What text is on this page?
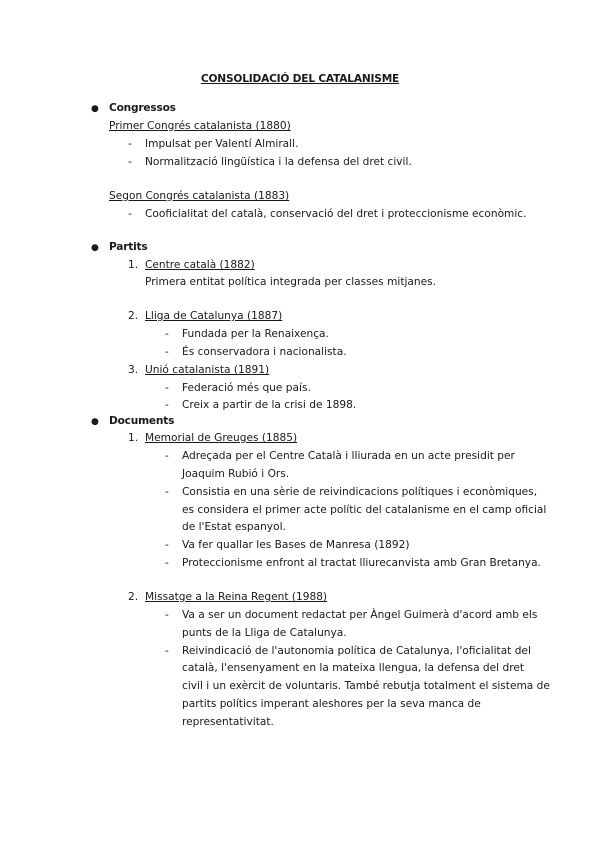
CONSOLIDACIÓ DEL CATALANISME
● Congressos
Primer Congrés catalanista (1880)
- Impulsat per Valentí Almirall.
- Normalització lingüística i la defensa del dret civil.
Segon Congrés catalanista (1883)
- Cooficialitat del català, conservació del dret i proteccionisme econòmic.
● Partits
1. Centre català (1882)
Primera entitat política integrada per classes mitjanes.
2. Lliga de Catalunya (1887)
- Fundada per la Renaixença.
- És conservadora i nacionalista.
3. Unió catalanista (1891)
- Federació més que país.
- Creix a partir de la crisi de 1898.
● Documents
1. Memorial de Greuges (1885)
- Adreçada per el Centre Català i lliurada en un acte presidit per
Joaquim Rubió i Ors.
- Consistia en una sèrie de reivindicacions polítiques i econòmiques,
es considera el primer acte polític del catalanisme en el camp oficial
de l'Estat espanyol.
- Va fer quallar les Bases de Manresa (1892)
- Proteccionisme enfront al tractat lliurecanvista amb Gran Bretanya.
2. Missatge a la Reina Regent (1988)
- Va a ser un document redactat per Àngel Guimerà d'acord amb els
punts de la Lliga de Catalunya.
- Reivindicació de l'autonomia política de Catalunya, l'oficialitat del
català, l'ensenyament en la mateixa llengua, la defensa del dret
civil i un exèrcit de voluntaris. També rebutja totalment el sistema de
partits polítics imperant aleshores per la seva manca de
representativitat.
